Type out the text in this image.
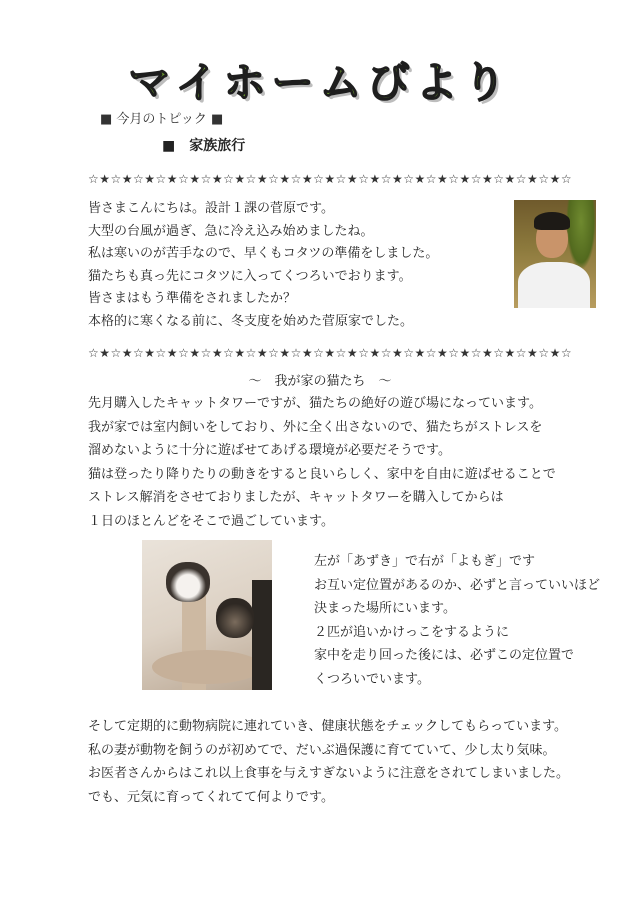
マイホームびより
■ 今月のトピック ■
■　家族旅行
☆★☆★☆★☆★☆★☆★☆★☆★☆★☆★☆★☆★☆★☆★☆★☆★☆★☆★☆★☆★☆★☆
皆さまこんにちは。設計１課の菅原です。
大型の台風が過ぎ、急に冷え込み始めましたね。
私は寒いのが苦手なので、早くもコタツの準備をしました。
猫たちも真っ先にコタツに入ってくつろいでおります。
皆さまはもう準備をされましたか？
本格的に寒くなる前に、冬支度を始めた菅原家でした。
☆★☆★☆★☆★☆★☆★☆★☆★☆★☆★☆★☆★☆★☆★☆★☆★☆★☆★☆★☆★☆★☆
～　我が家の猫たち　～
先月購入したキャットタワーですが、猫たちの絶好の遊び場になっています。
我が家では室内飼いをしており、外に全く出さないので、猫たちがストレスを
溜めないように十分に遊ばせてあげる環境が必要だそうです。
猫は登ったり降りたりの動きをすると良いらしく、家中を自由に遊ばせることで
ストレス解消をさせておりましたが、キャットタワーを購入してからは
１日のほとんどをそこで過ごしています。
左が「あずき」で右が「よもぎ」です
お互い定位置があるのか、必ずと言っていいほど
決まった場所にいます。
２匹が追いかけっこをするように
家中を走り回った後には、必ずこの定位置で
くつろいでいます。
そして定期的に動物病院に連れていき、健康状態をチェックしてもらっています。
私の妻が動物を飼うのが初めてで、だいぶ過保護に育てていて、少し太り気味。
お医者さんからはこれ以上食事を与えすぎないように注意をされてしまいました。
でも、元気に育ってくれてて何よりです。
